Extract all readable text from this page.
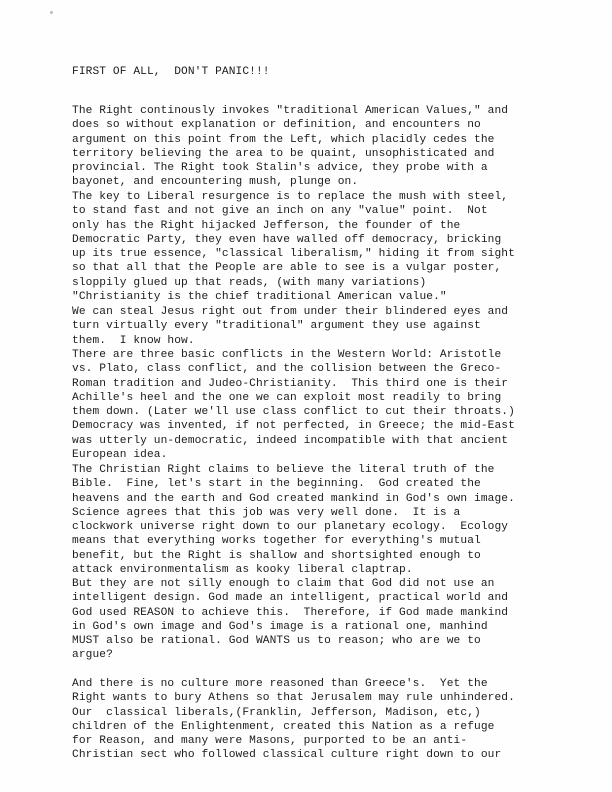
FIRST OF ALL,  DON'T PANIC!!!

The Right continously invokes "traditional American Values," and
does so without explanation or definition, and encounters no
argument on this point from the Left, which placidly cedes the
territory believing the area to be quaint, unsophisticated and
provincial. The Right took Stalin's advice, they probe with a
bayonet, and encountering mush, plunge on.

The key to Liberal resurgence is to replace the mush with steel,
to stand fast and not give an inch on any "value" point.  Not
only has the Right hijacked Jefferson, the founder of the
Democratic Party, they even have walled off democracy, bricking
up its true essence, "classical liberalism," hiding it from sight
so that all that the People are able to see is a vulgar poster,
sloppily glued up that reads, (with many variations)
"Christianity is the chief traditional American value."

We can steal Jesus right out from under their blindered eyes and
turn virtually every "traditional" argument they use against
them.  I know how.

There are three basic conflicts in the Western World: Aristotle
vs. Plato, class conflict, and the collision between the Greco-
Roman tradition and Judeo-Christianity.  This third one is their
Achille's heel and the one we can exploit most readily to bring
them down. (Later we'll use class conflict to cut their throats.)
Democracy was invented, if not perfected, in Greece; the mid-East
was utterly un-democratic, indeed incompatible with that ancient
European idea.

The Christian Right claims to believe the literal truth of the
Bible.  Fine, let's start in the beginning.  God created the
heavens and the earth and God created mankind in God's own image.
Science agrees that this job was very well done.  It is a
clockwork universe right down to our planetary ecology.  Ecology
means that everything works together for everything's mutual
benefit, but the Right is shallow and shortsighted enough to
attack environmentalism as kooky liberal claptrap.

But they are not silly enough to claim that God did not use an
intelligent design. God made an intelligent, practical world and
God used REASON to achieve this.  Therefore, if God made mankind
in God's own image and God's image is a rational one, manhind
MUST also be rational. God WANTS us to reason; who are we to
argue?

And there is no culture more reasoned than Greece's.  Yet the
Right wants to bury Athens so that Jerusalem may rule unhindered.
Our  classical liberals,(Franklin, Jefferson, Madison, etc,)
children of the Enlightenment, created this Nation as a refuge
for Reason, and many were Masons, purported to be an anti-
Christian sect who followed classical culture right down to our
